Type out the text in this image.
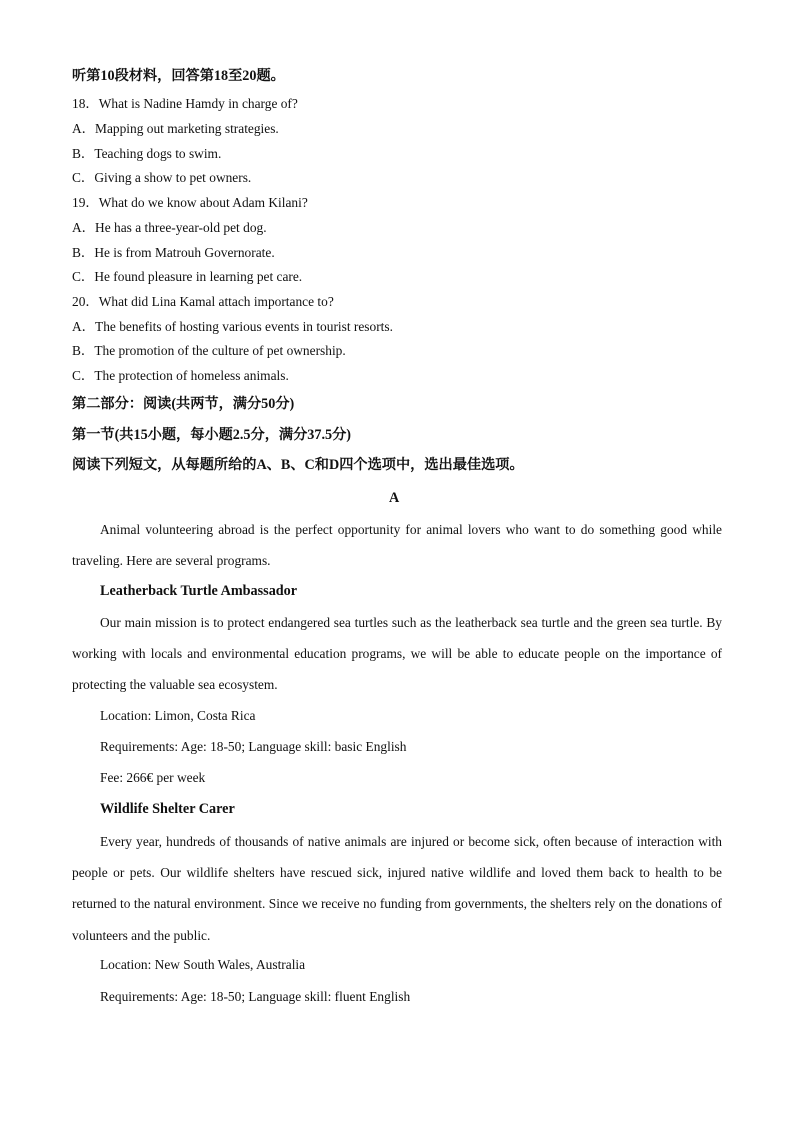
听第10段材料，回答第18至20题。
18．What is Nadine Hamdy in charge of?
A．Mapping out marketing strategies.
B．Teaching dogs to swim.
C．Giving a show to pet owners.
19．What do we know about Adam Kilani?
A．He has a three-year-old pet dog.
B．He is from Matrouh Governorate.
C．He found pleasure in learning pet care.
20．What did Lina Kamal attach importance to?
A．The benefits of hosting various events in tourist resorts.
B．The promotion of the culture of pet ownership.
C．The protection of homeless animals.
第二部分：阅读(共两节，满分50分)
第一节(共15小题，每小题2.5分，满分37.5分)
阅读下列短文，从每题所给的A、B、C和D四个选项中，选出最佳选项。
A
Animal volunteering abroad is the perfect opportunity for animal lovers who want to do something good while traveling. Here are several programs.
Leatherback Turtle Ambassador
Our main mission is to protect endangered sea turtles such as the leatherback sea turtle and the green sea turtle. By working with locals and environmental education programs, we will be able to educate people on the importance of protecting the valuable sea ecosystem.
Location: Limon, Costa Rica
Requirements: Age: 18-50; Language skill: basic English
Fee: 266€ per week
Wildlife Shelter Carer
Every year, hundreds of thousands of native animals are injured or become sick, often because of interaction with people or pets. Our wildlife shelters have rescued sick, injured native wildlife and loved them back to health to be returned to the natural environment. Since we receive no funding from governments, the shelters rely on the donations of volunteers and the public.
Location: New South Wales, Australia
Requirements: Age: 18-50; Language skill: fluent English
